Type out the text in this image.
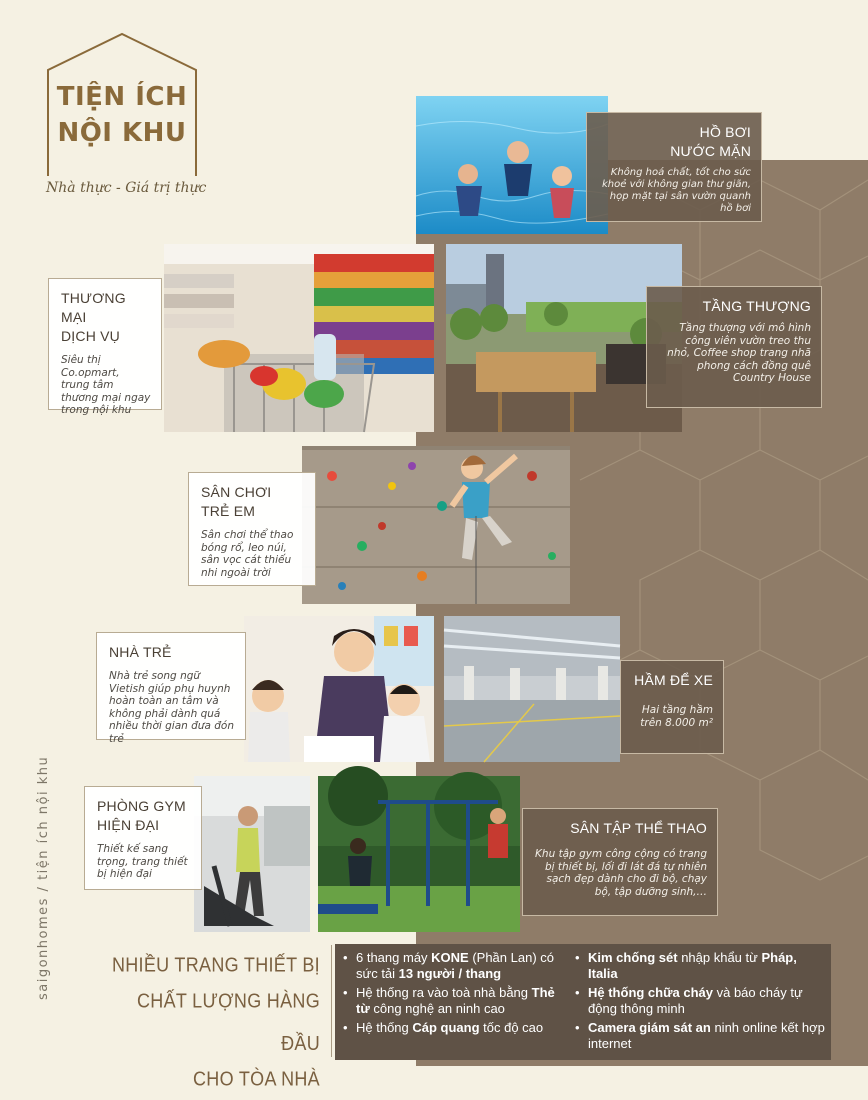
saigonhomes / tiện ích nội khu
TIỆN ÍCH
NỘI KHU
Nhà thực - Giá trị thực
HỒ BƠI
NƯỚC MẶN
Không hoá chất, tốt cho sức khoẻ với không gian thư giãn, họp mặt tại sân vườn quanh hồ bơi
THƯƠNG MẠI
DỊCH VỤ
Siêu thị Co.opmart, trung tâm thương mại ngay trong nội khu
TẦNG THƯỢNG
Tầng thượng với mô hình công viên vườn treo thu nhỏ, Coffee shop trang nhã phong cách đồng quê Country House
SÂN CHƠI
TRẺ EM
Sân chơi thể thao bóng rổ, leo núi, sân vọc cát thiếu nhi ngoài trời
NHÀ TRẺ
Nhà trẻ song ngữ Vietish giúp phụ huynh hoàn toàn an tâm và không phải dành quá nhiều thời gian đưa đón trẻ
HẦM ĐỂ XE
Hai tầng hầm trên 8.000 m²
PHÒNG GYM
HIỆN ĐẠI
Thiết kế sang trọng, trang thiết bị hiện đại
SÂN TẬP THỂ THAO
Khu tập gym công cộng có trang bị thiết bị, lối đi lát đá tự nhiên sạch đẹp dành cho đi bộ, chạy bộ, tập dưỡng sinh,…
NHIỀU TRANG THIẾT BỊ
CHẤT LƯỢNG HÀNG ĐẦU
CHO TÒA NHÀ
• 6 thang máy KONE (Phần Lan) có sức tải 13 người / thang
• Hệ thống ra vào toà nhà bằng Thẻ từ công nghệ an ninh cao
• Hệ thống Cáp quang tốc độ cao
• Kim chống sét nhập khẩu từ Pháp, Italia
• Hệ thống chữa cháy và báo cháy tự động thông minh
• Camera giám sát an ninh online kết hợp internet
